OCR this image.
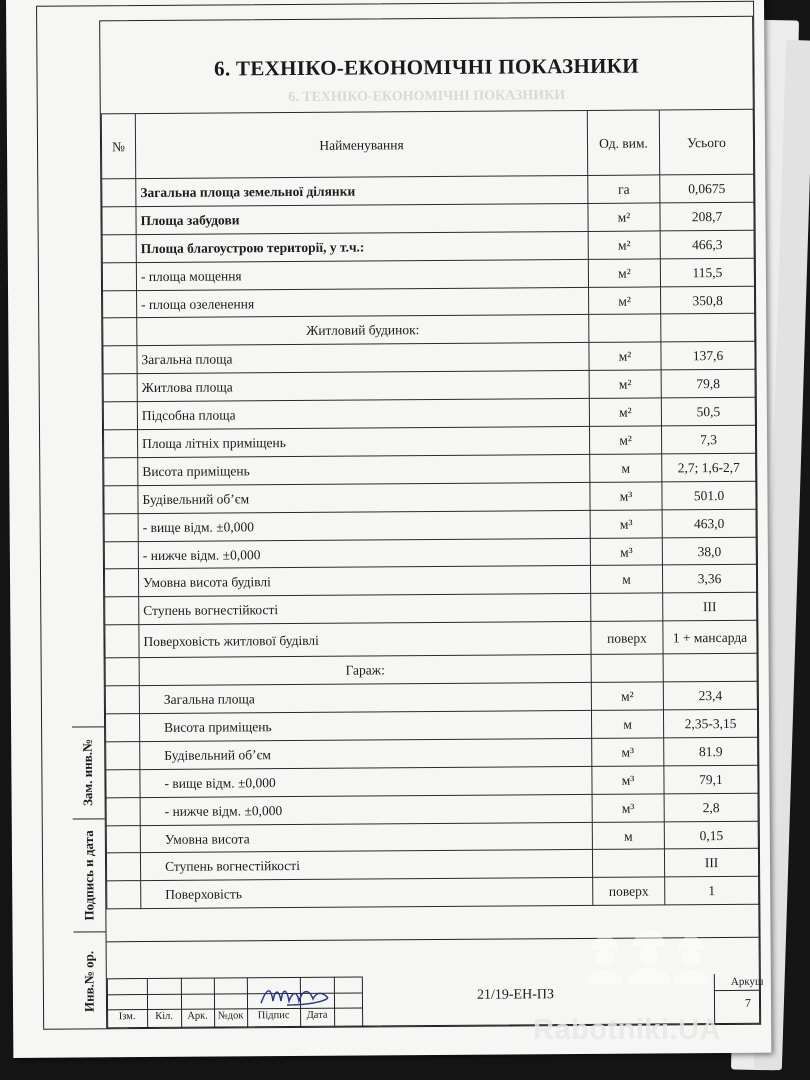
6. ТЕХНІКО-ЕКОНОМІЧНІ ПОКАЗНИКИ
6. ТЕХНІКО-ЕКОНОМІЧНІ ПОКАЗНИКИ
№	Найменування	Од. вим.	Усього
	Загальна площа земельної ділянки	га	0,0675
	Площа забудови	м²	208,7
	Площа благоустрою території, у т.ч.:	м²	466,3
	- площа мощення	м²	115,5
	- площа озеленення	м²	350,8
	Житловий будинок:		
	Загальна площа	м²	137,6
	Житлова площа	м²	79,8
	Підсобна площа	м²	50,5
	Площа літніх приміщень	м²	7,3
	Висота приміщень	м	2,7; 1,6-2,7
	Будівельний об’єм	м³	501.0
	- вище відм. ±0,000	м³	463,0
	- нижче відм. ±0,000	м³	38,0
	Умовна висота будівлі	м	3,36
	Ступень вогнестійкості		III
	Поверховість житлової будівлі	поверх	1 + мансарда
	Гараж:		
	Загальна площа	м²	23,4
	Висота приміщень	м	2,35-3,15
	Будівельний об’єм	м³	81.9
	- вище відм. ±0,000	м³	79,1
	- нижче відм. ±0,000	м³	2,8
	Умовна висота	м	0,15
	Ступень вогнестійкості		III
	Поверховість	поверх	1
Ізм.	Кіл.	Арк. №док	Підпис	Дата
21/19-ЕН-ПЗ
Аркуш
7
Зам. инв.№
Подпись и дата
Инв.№ ор.
Rabotniki.UA
